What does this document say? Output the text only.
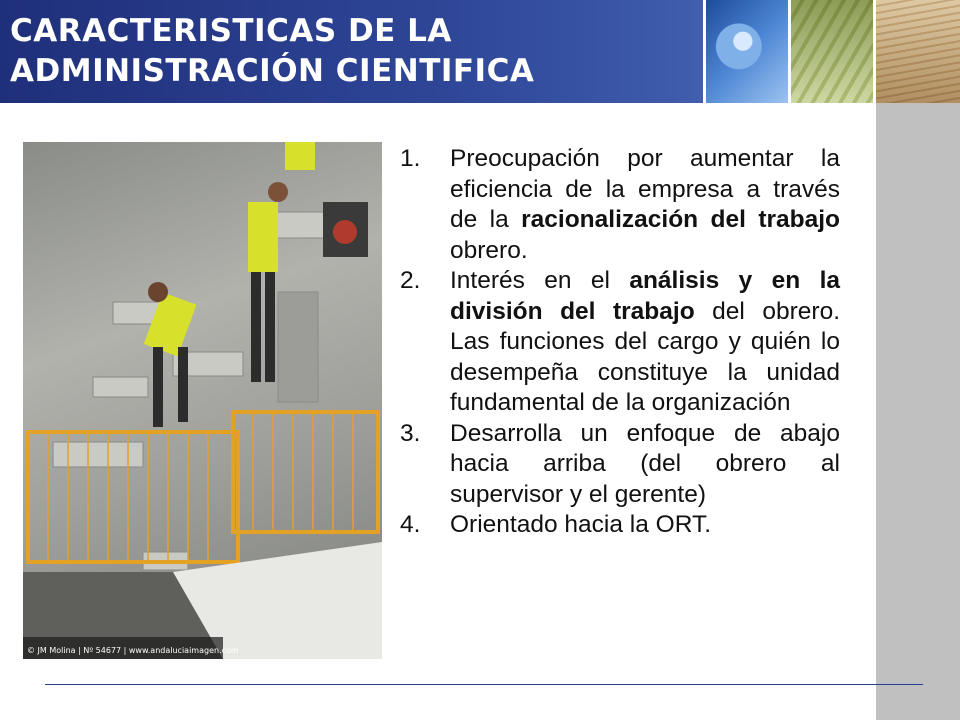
CARACTERISTICAS DE LA
ADMINISTRACIÓN CIENTIFICA
© JM Molina | Nº 54677 | www.andaluciaimagen.com
1. Preocupación por aumentar la eficiencia de la empresa a través de la racionalización del trabajo obrero.
2. Interés en el análisis y en la división del trabajo del obrero. Las funciones del cargo y quién lo desempeña constituye la unidad fundamental de la organización
3. Desarrolla un enfoque de abajo hacia arriba (del obrero al supervisor y el gerente)
4. Orientado hacia la ORT.
